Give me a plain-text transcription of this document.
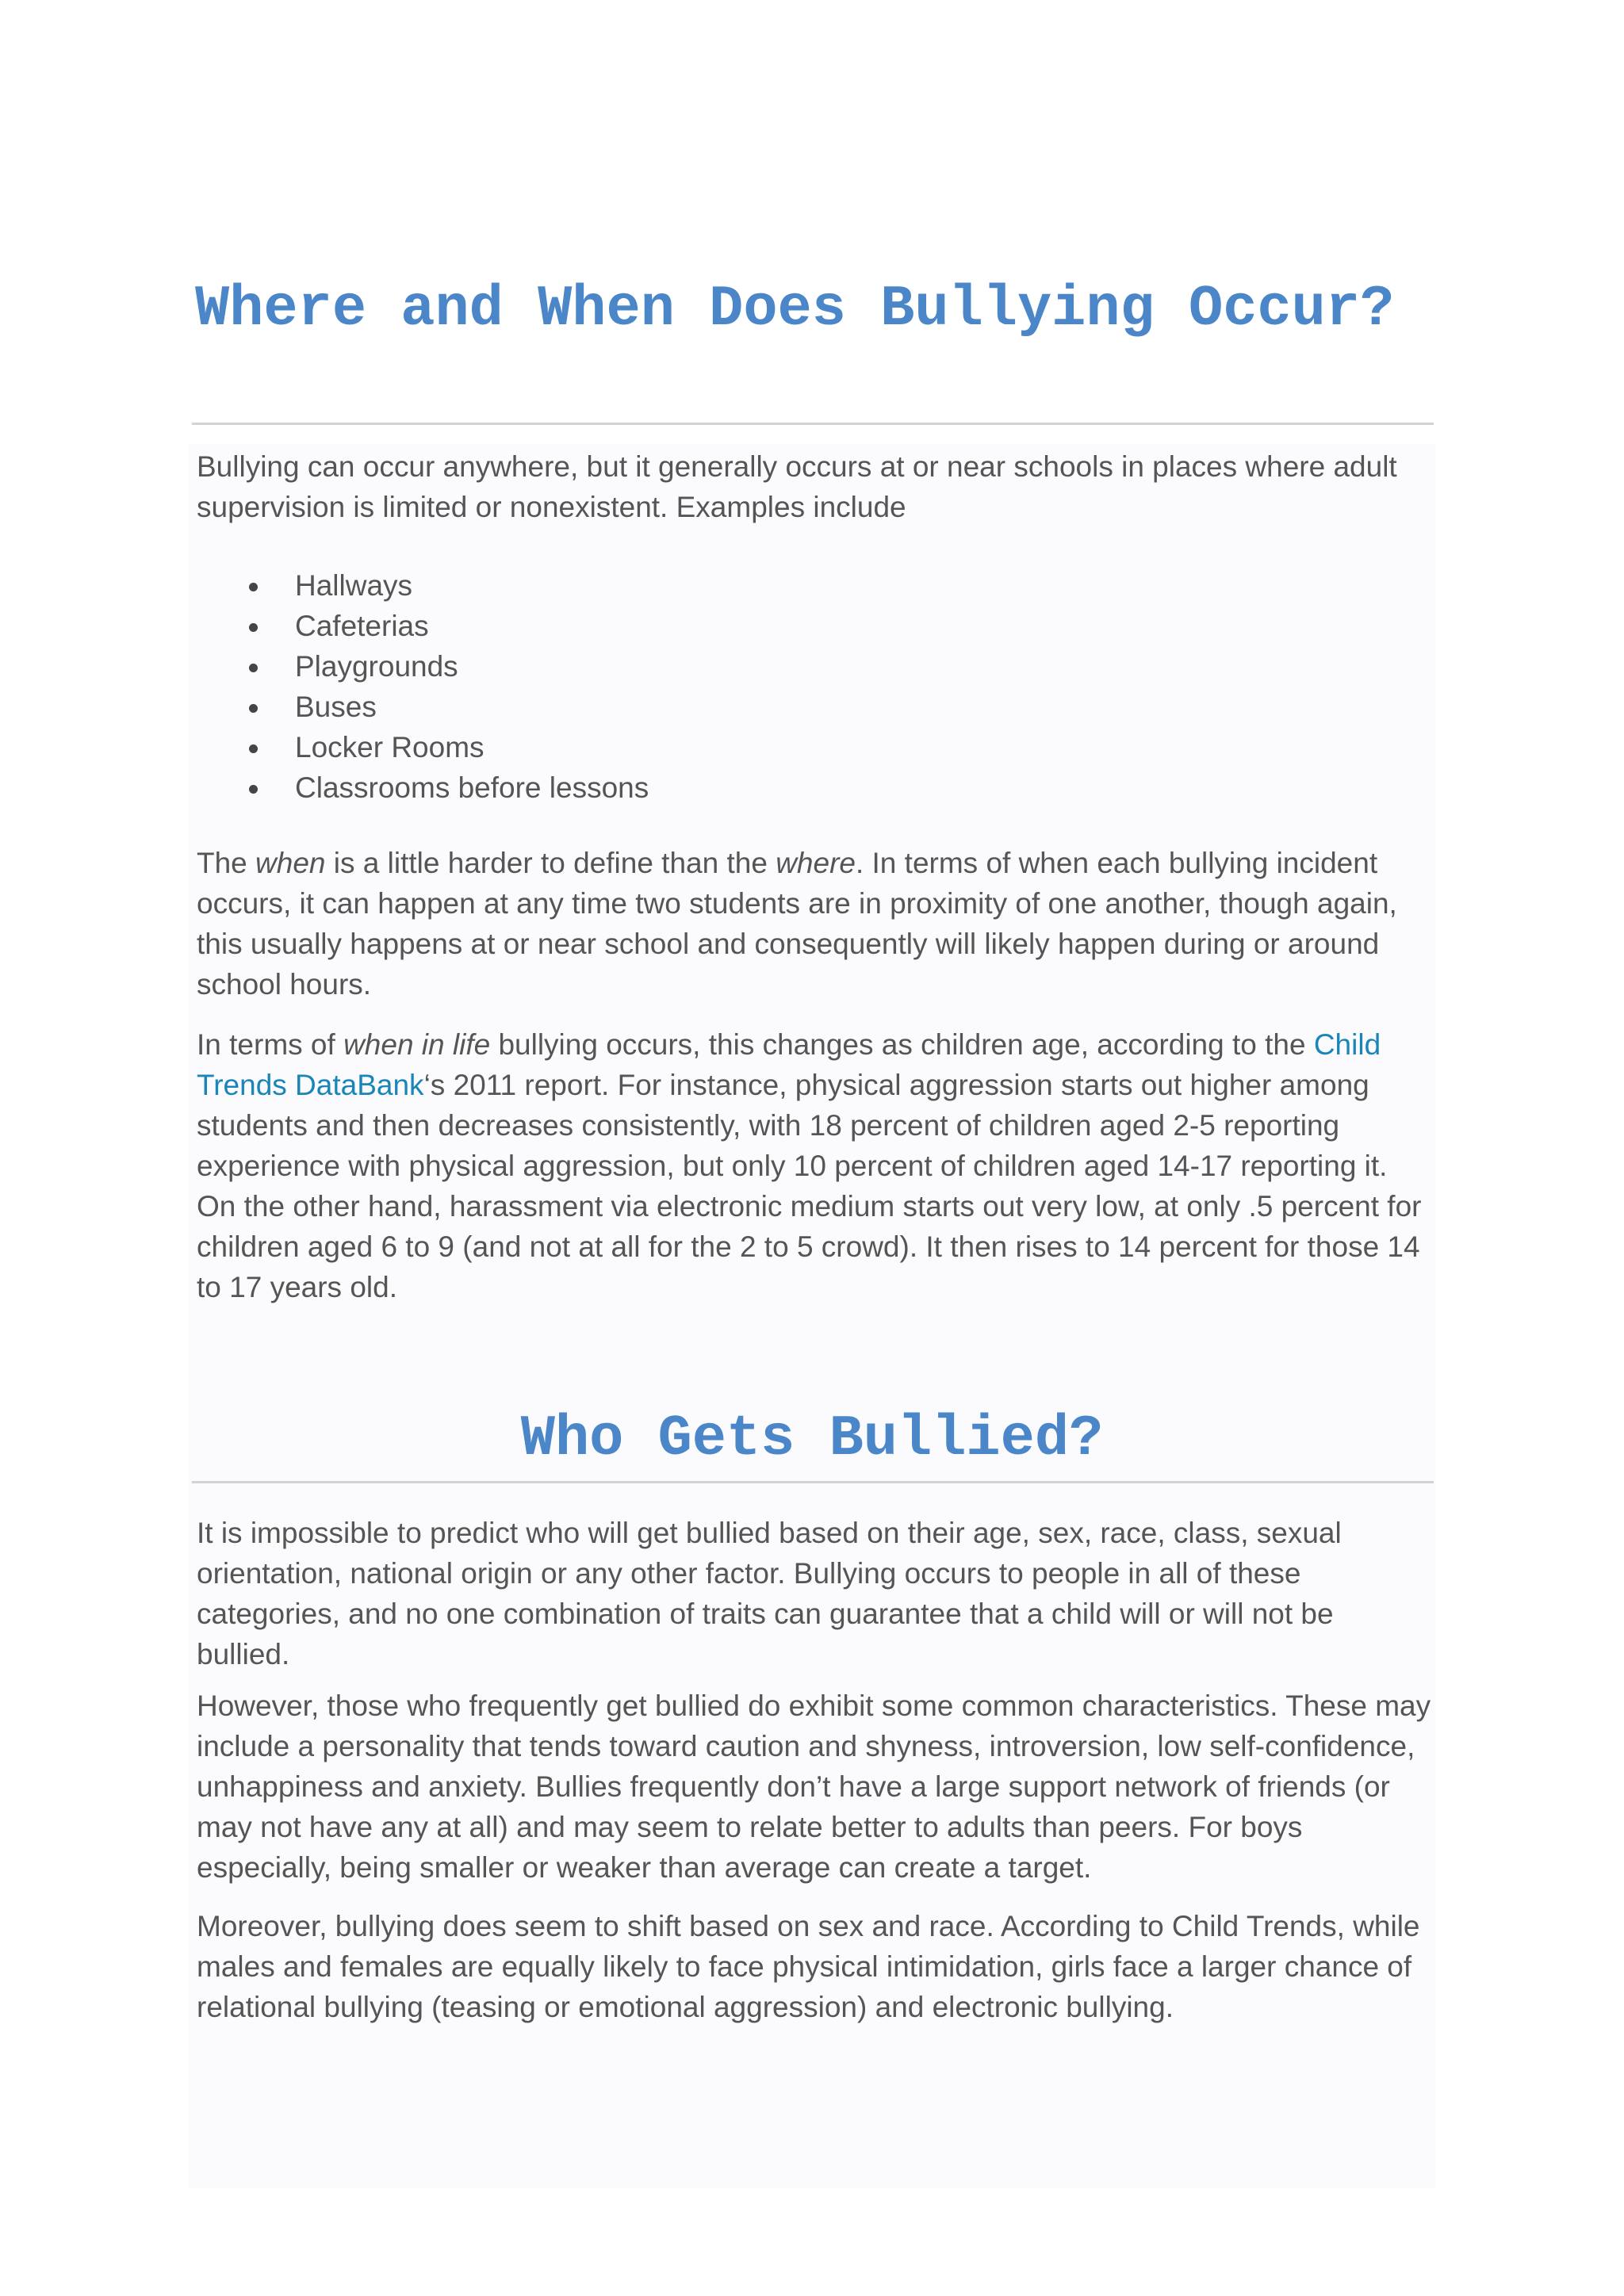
Where and When Does Bullying Occur?

Bullying can occur anywhere, but it generally occurs at or near schools in places where adult supervision is limited or nonexistent. Examples include

Hallways
Cafeterias
Playgrounds
Buses
Locker Rooms
Classrooms before lessons

The when is a little harder to define than the where. In terms of when each bullying incident occurs, it can happen at any time two students are in proximity of one another, though again, this usually happens at or near school and consequently will likely happen during or around school hours.

In terms of when in life bullying occurs, this changes as children age, according to the Child Trends DataBank‘s 2011 report. For instance, physical aggression starts out higher among students and then decreases consistently, with 18 percent of children aged 2-5 reporting experience with physical aggression, but only 10 percent of children aged 14-17 reporting it. On the other hand, harassment via electronic medium starts out very low, at only .5 percent for children aged 6 to 9 (and not at all for the 2 to 5 crowd). It then rises to 14 percent for those 14 to 17 years old.

Who Gets Bullied?

It is impossible to predict who will get bullied based on their age, sex, race, class, sexual orientation, national origin or any other factor. Bullying occurs to people in all of these categories, and no one combination of traits can guarantee that a child will or will not be bullied.

However, those who frequently get bullied do exhibit some common characteristics. These may include a personality that tends toward caution and shyness, introversion, low self-confidence, unhappiness and anxiety. Bullies frequently don’t have a large support network of friends (or may not have any at all) and may seem to relate better to adults than peers. For boys especially, being smaller or weaker than average can create a target.

Moreover, bullying does seem to shift based on sex and race. According to Child Trends, while males and females are equally likely to face physical intimidation, girls face a larger chance of relational bullying (teasing or emotional aggression) and electronic bullying.
